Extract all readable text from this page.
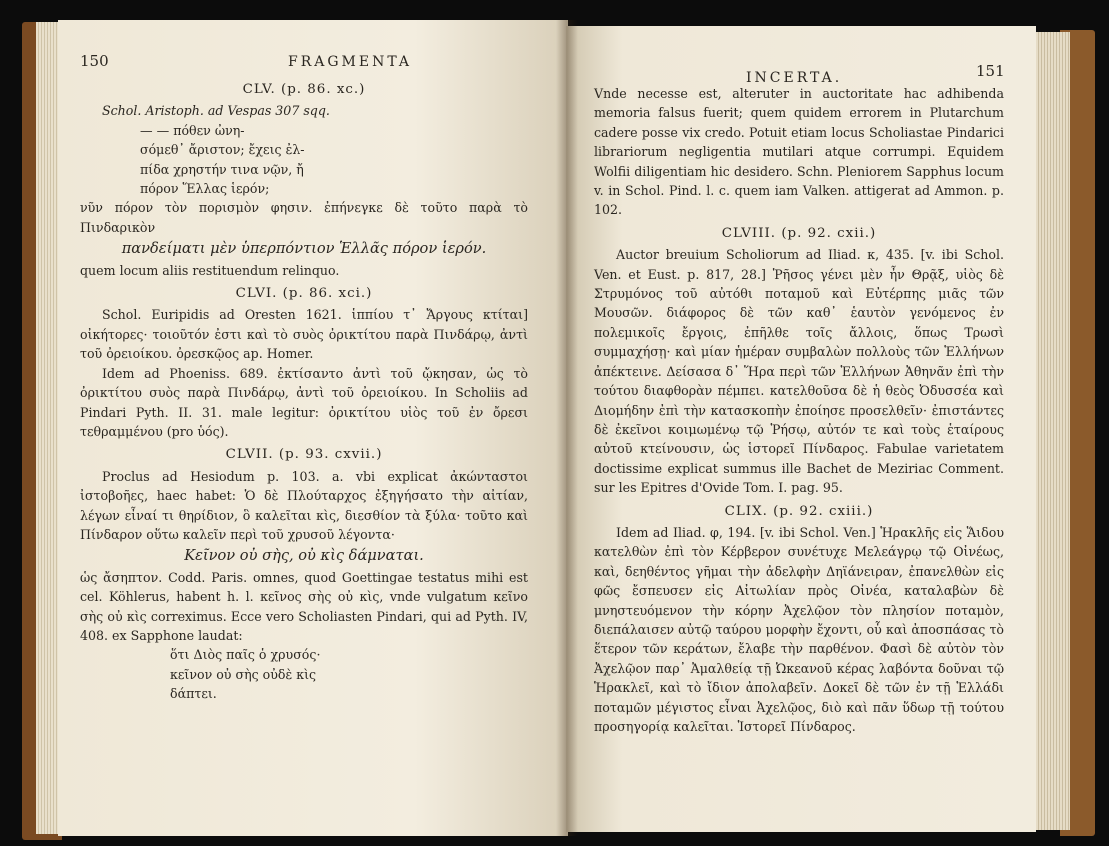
150	FRAGMENTA
CLV. (p. 86. xc.)

Schol. Aristoph. ad Vespas 307 sqq.

— — πόθεν ὠνη-
σόμεθ᾽ ἄριστον; ἔχεις ἐλ-
πίδα χρηστήν τινα νῷν, ἤ
πόρον Ἕλλας ἱερόν;

νῦν πόρον τὸν πορισμὸν φησιν. ἐπήνεγκε δὲ τοῦτο παρὰ τὸ Πινδαρικὸν

πανδείματι μὲν ὑπερπόντιον Ἑλλᾶς πόρον ἱερόν.

quem locum aliis restituendum relinquo.

CLVI. (p. 86. xci.)

Schol. Euripidis ad Oresten 1621. ἱππίου τ᾽ Ἄργους κτίται] οἰκήτορες· τοιοῦτόν ἐστι καὶ τὸ συὸς ὀρικτίτου παρὰ Πινδάρῳ, ἀντὶ τοῦ ὀρειοίκου. ὀρεσκῷος ap. Homer.

Idem ad Phoeniss. 689. ἐκτίσαντο ἀντὶ τοῦ ᾤκησαν, ὡς τὸ ὀρικτίτου συὸς παρὰ Πινδάρῳ, ἀντὶ τοῦ ὀρειοίκου. In Scholiis ad Pindari Pyth. II. 31. male legitur: ὀρικτίτου υἱὸς τοῦ ἐν ὄρεσι τεθραμμένου (pro ὑός).

CLVII. (p. 93. cxvii.)

Proclus ad Hesiodum p. 103. a. vbi explicat ἀκώνταστοι ἰστοβοῆες, haec habet: Ὁ δὲ Πλούταρχος ἐξηγήσατο τὴν αἰτίαν, λέγων εἶναί τι θηρίδιον, ὃ καλεῖται κὶς, διεσθίον τὰ ξύλα· τοῦτο καὶ Πίνδαρον οὕτω καλεῖν περὶ τοῦ χρυσοῦ λέγοντα·

Κεῖνον οὐ σὴς, οὐ κὶς δάμναται.

ὡς ἄσηπτον. Codd. Paris. omnes, quod Goettingae testatus mihi est cel. Köhlerus, habent h. l. κεῖνος σὴς οὐ κὶς, vnde vulgatum κεῖνο σὴς οὐ κὶς correximus. Ecce vero Scholiasten Pindari, qui ad Pyth. IV, 408. ex Sapphone laudat:

ὅτι Διὸς παῖς ὁ χρυσός·
κεῖνον οὐ σὴς οὐδὲ κὶς
δάπτει.
INCERTA.	151

Vnde necesse est, alteruter in auctoritate hac adhibenda memoria falsus fuerit; quem quidem errorem in Plutarchum cadere posse vix credo. Potuit etiam locus Scholiastae Pindarici librariorum negligentia mutilari atque corrumpi. Equidem Wolfii diligentiam hic desidero. Schn. Pleniorem Sapphus locum v. in Schol. Pind. l. c. quem iam Valken. attigerat ad Ammon. p. 102.

CLVIII. (p. 92. cxii.)

Auctor breuium Scholiorum ad Iliad. κ, 435. [v. ibi Schol. Ven. et Eust. p. 817, 28.] Ῥῆσος γένει μὲν ἦν Θρᾷξ, υἱὸς δὲ Στρυμόνος τοῦ αὐτόθι ποταμοῦ καὶ Εὐτέρπης μιᾶς τῶν Μουσῶν. διάφορος δὲ τῶν καθ᾽ ἑαυτὸν γενόμενος ἐν πολεμικοῖς ἔργοις, ἐπῆλθε τοῖς ἄλλοις, ὅπως Τρωσὶ συμμαχήσῃ· καὶ μίαν ἡμέραν συμβαλὼν πολλοὺς τῶν Ἑλλήνων ἀπέκτεινε. Δείσασα δ᾽ Ἥρα περὶ τῶν Ἑλλήνων Ἀθηνᾶν ἐπὶ τὴν τούτου διαφθορὰν πέμπει. κατελθοῦσα δὲ ἡ θεὸς Ὀδυσσέα καὶ Διομήδην ἐπὶ τὴν κατασκοπὴν ἐποίησε προσελθεῖν· ἐπιστάντες δὲ ἐκεῖνοι κοιμωμένῳ τῷ Ῥήσῳ, αὐτόν τε καὶ τοὺς ἑταίρους αὐτοῦ κτείνουσιν, ὡς ἱστορεῖ Πίνδαρος. Fabulae varietatem doctissime explicat summus ille Bachet de Meziriac Comment. sur les Epitres d'Ovide Tom. I. pag. 95.

CLIX. (p. 92. cxiii.)

Idem ad Iliad. φ, 194. [v. ibi Schol. Ven.] Ἡρακλῆς εἰς Ἅιδου κατελθὼν ἐπὶ τὸν Κέρβερον συνέτυχε Μελεάγρῳ τῷ Οἰνέως, καὶ, δεηθέντος γῆμαι τὴν ἀδελφὴν Δηϊάνειραν, ἐπανελθὼν εἰς φῶς ἔσπευσεν εἰς Αἰτωλίαν πρὸς Οἰνέα, καταλαβὼν δὲ μνηστευόμενον τὴν κόρην Ἀχελῷον τὸν πλησίον ποταμὸν, διεπάλαισεν αὐτῷ ταύρου μορφὴν ἔχοντι, οὗ καὶ ἀποσπάσας τὸ ἕτερον τῶν κεράτων, ἔλαβε τὴν παρθένον. Φασὶ δὲ αὐτὸν τὸν Ἀχελῷον παρ᾽ Ἀμαλθείᾳ τῇ Ὠκεανοῦ κέρας λαβόντα δοῦναι τῷ Ἡρακλεῖ, καὶ τὸ ἴδιον ἀπολαβεῖν. Δοκεῖ δὲ τῶν ἐν τῇ Ἑλλάδι ποταμῶν μέγιστος εἶναι Ἀχελῷος, διὸ καὶ πᾶν ὕδωρ τῇ τούτου προσηγορίᾳ καλεῖται. Ἱστορεῖ Πίνδαρος.
